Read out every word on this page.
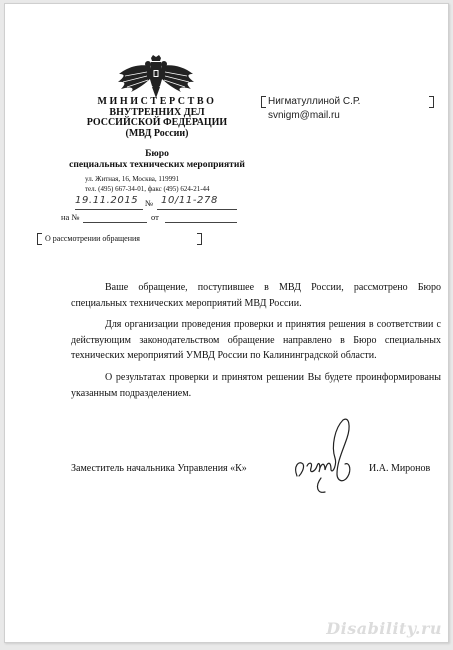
МИНИСТЕРСТВО
ВНУТРЕННИХ ДЕЛ
РОССИЙСКОЙ ФЕДЕРАЦИИ
(МВД России)
Бюро
специальных технических мероприятий
ул. Житная, 16, Москва, 119991
тел. (495) 667-34-01, факс (495) 624-21-44
19.11.2015 № 10/11-278
на №	от
О рассмотрении обращения
Нигматуллиной С.Р.
svnigm@mail.ru

Ваше обращение, поступившее в МВД России, рассмотрено Бюро специальных технических мероприятий МВД России.

Для организации проведения проверки и принятия решения в соответствии с действующим законодательством обращение направлено в Бюро специальных технических мероприятий УМВД России по Калининградской области.

О результатах проверки и принятом решении Вы будете проинформированы указанным подразделением.

Заместитель начальника Управления «К»	И.А. Миронов
Disability.ru
